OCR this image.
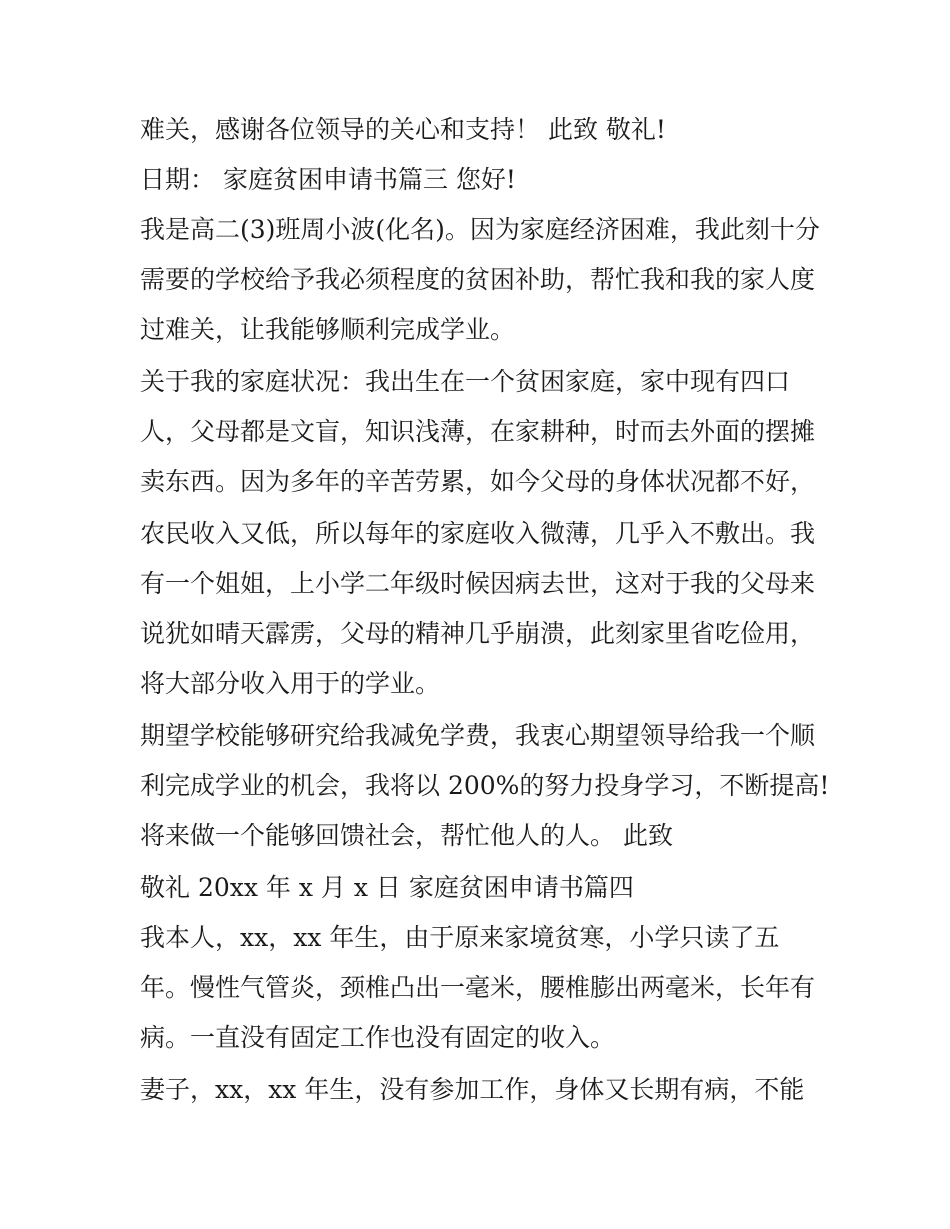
难关，感谢各位领导的关心和支持！ 此致 敬礼!
日期： 家庭贫困申请书篇三 您好!
我是高二(3)班周小波(化名)。因为家庭经济困难，我此刻十分
需要的学校给予我必须程度的贫困补助，帮忙我和我的家人度
过难关，让我能够顺利完成学业。
关于我的家庭状况：我出生在一个贫困家庭，家中现有四口
人，父母都是文盲，知识浅薄，在家耕种，时而去外面的摆摊
卖东西。因为多年的辛苦劳累，如今父母的身体状况都不好，
农民收入又低，所以每年的家庭收入微薄，几乎入不敷出。我
有一个姐姐，上小学二年级时候因病去世，这对于我的父母来
说犹如晴天霹雳，父母的精神几乎崩溃，此刻家里省吃俭用，
将大部分收入用于的学业。
期望学校能够研究给我减免学费，我衷心期望领导给我一个顺
利完成学业的机会，我将以 200%的努力投身学习，不断提高!
将来做一个能够回馈社会，帮忙他人的人。 此致
敬礼 20xx 年 x 月 x 日 家庭贫困申请书篇四
我本人，xx，xx 年生，由于原来家境贫寒，小学只读了五
年。慢性气管炎，颈椎凸出一毫米，腰椎膨出两毫米，长年有
病。一直没有固定工作也没有固定的收入。
妻子，xx，xx 年生，没有参加工作，身体又长期有病，不能
